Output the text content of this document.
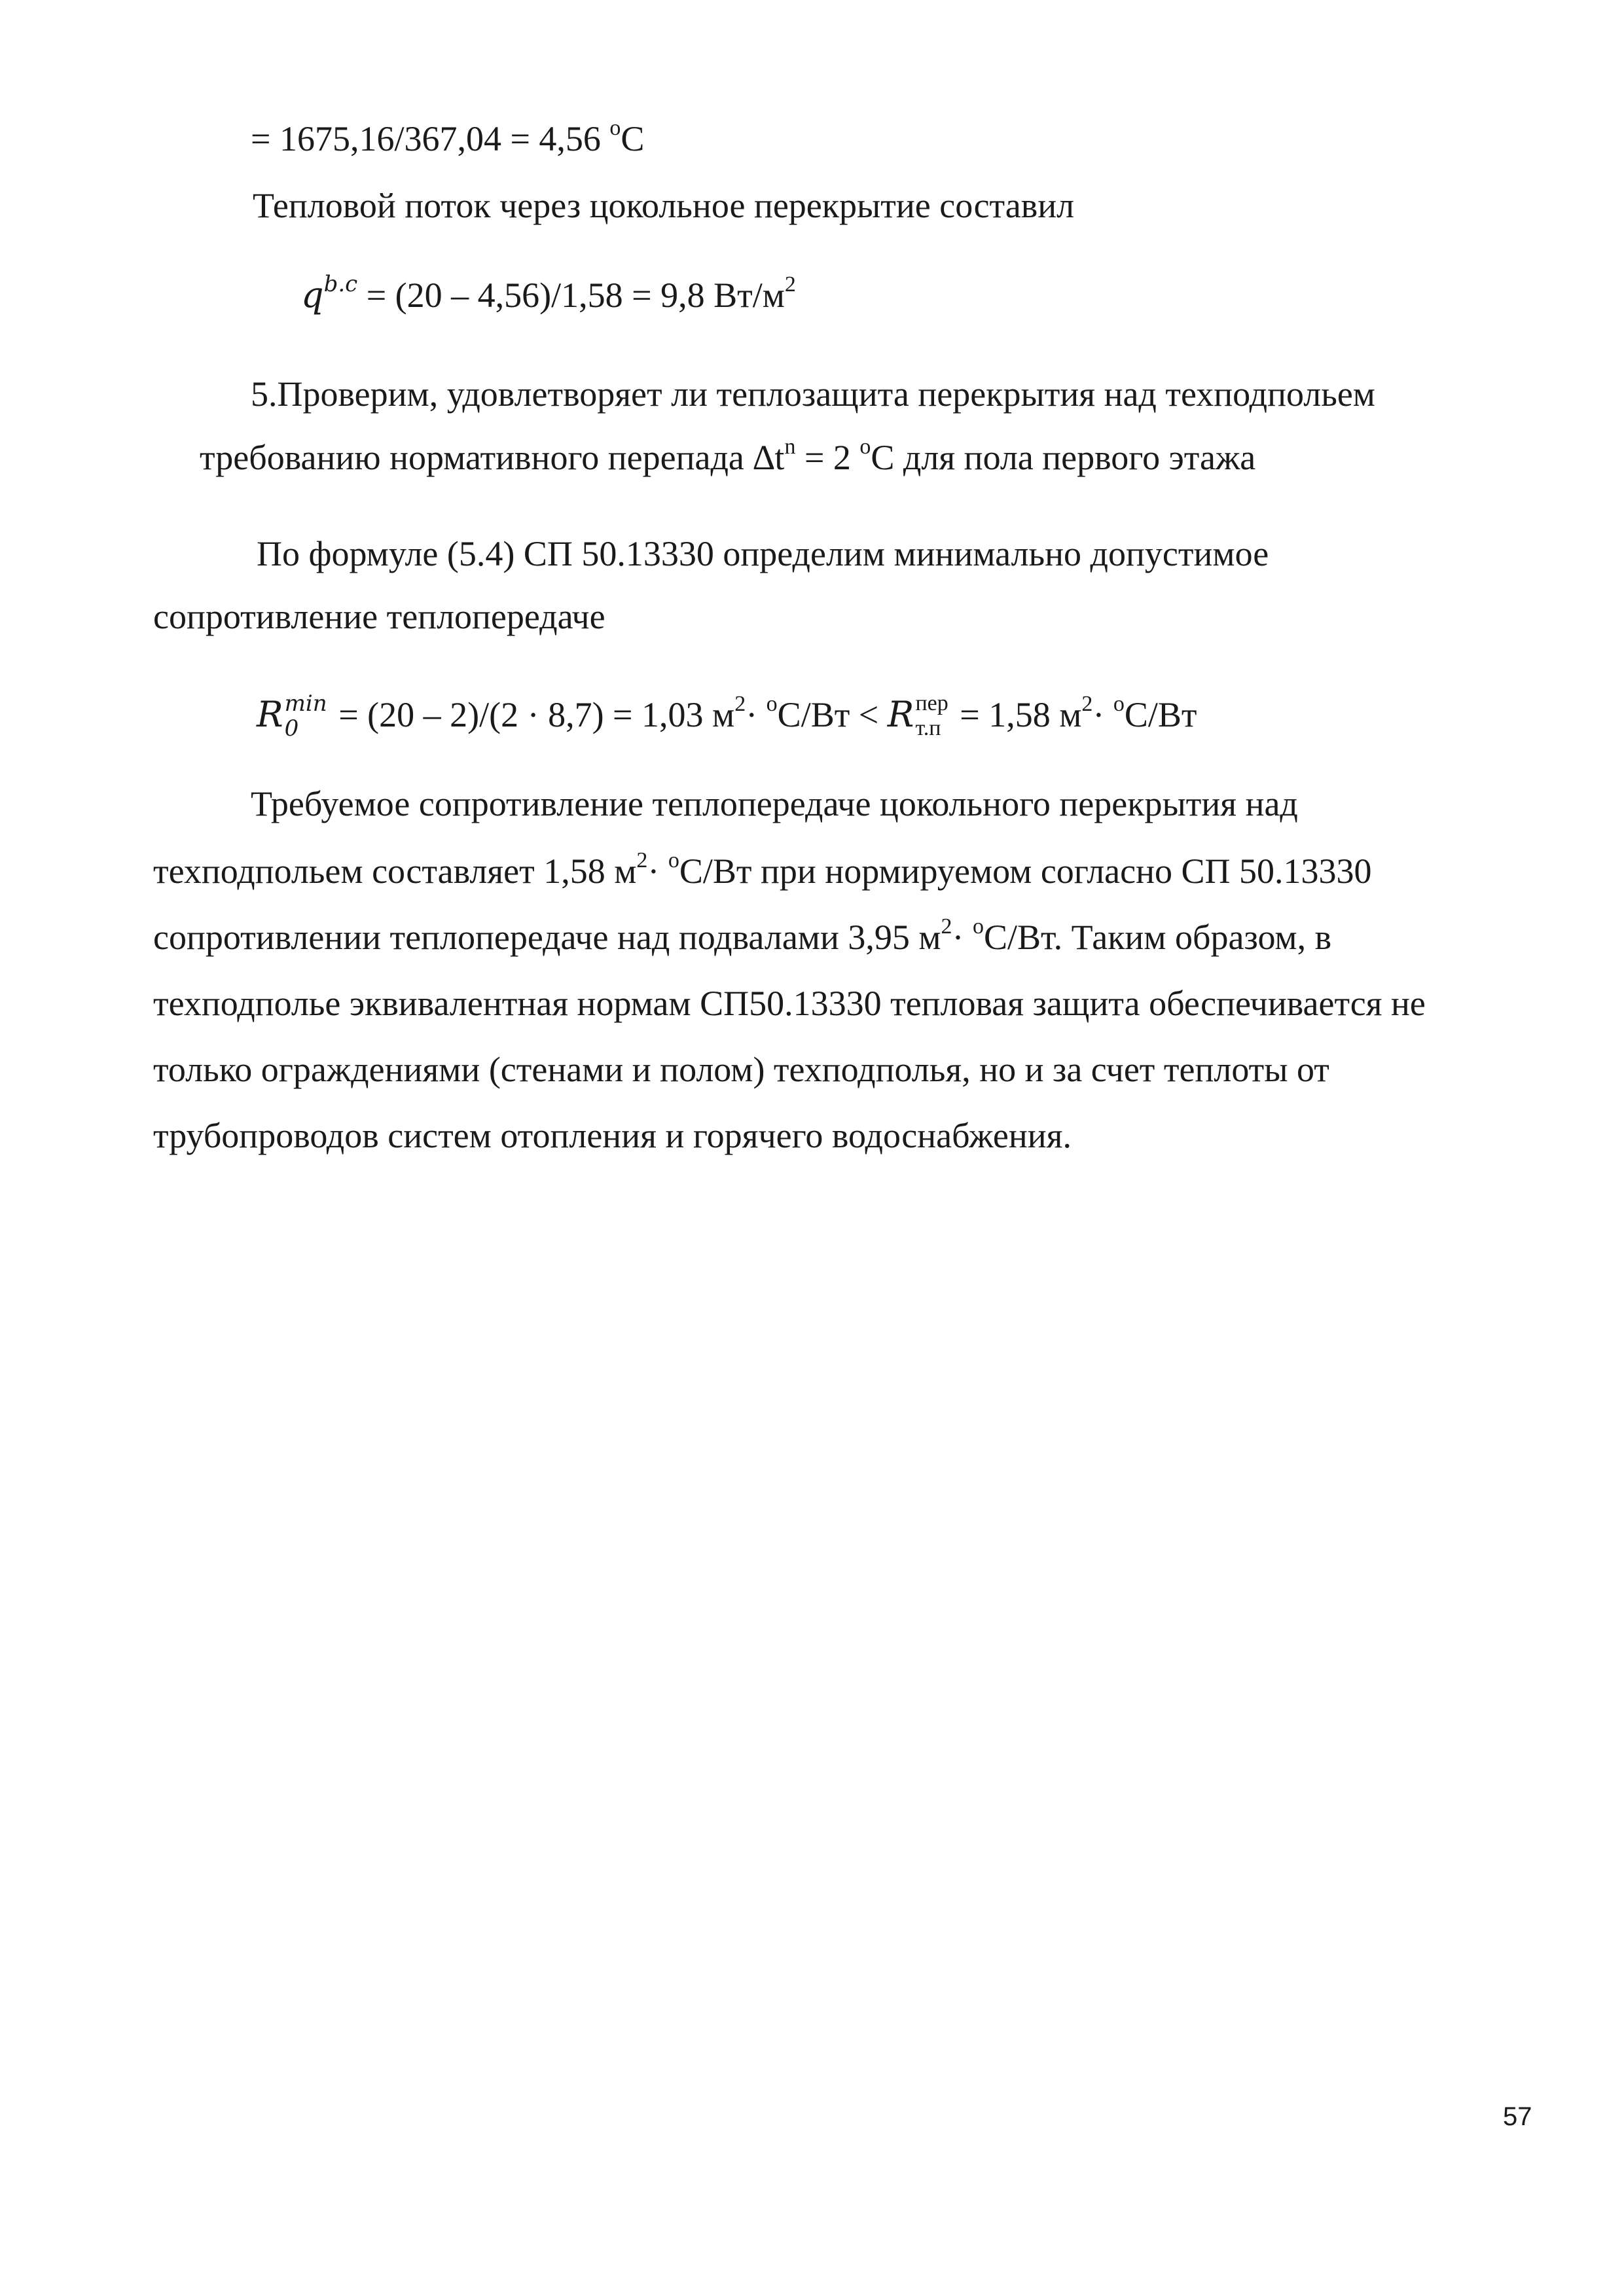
= 1675,16/367,04 = 4,56 $^о$С
Тепловой поток через цокольное перекрытие составил
$q^{b.c} = (20 - 4,56)/1,58 = 9,8$ $Вт/м^2$
5.Проверим, удовлетворяет ли теплозащита перекрытия над техподпольем
требованию нормативного перепада $\Delta t^n = 2$ $^о$С для пола первого этажа
По формуле (5.4) СП 50.13330 определим минимально допустимое
сопротивление теплопередаче
R min
0 = (20 – 2)/(2 · 8,7) = 1,03 $м^2\cdot ^оС/Вт < R$ пер
т.п = 1,58 $м^2\cdot ^оС/Вт$
Требуемое сопротивление теплопередаче цокольного перекрытия над
техподпольем составляет 1,58 $м^2\cdot ^оС/Вт$ при нормируемом согласно СП 50.13330
сопротивлении теплопередаче над подвалами 3,95 $м^2\cdot ^оС/Вт$. Таким образом, в
техподполье эквивалентная нормам СП50.13330 тепловая защита обеспечивается не
только ограждениями (стенами и полом) техподполья, но и за счет теплоты от
трубопроводов систем отопления и горячего водоснабжения.
57
